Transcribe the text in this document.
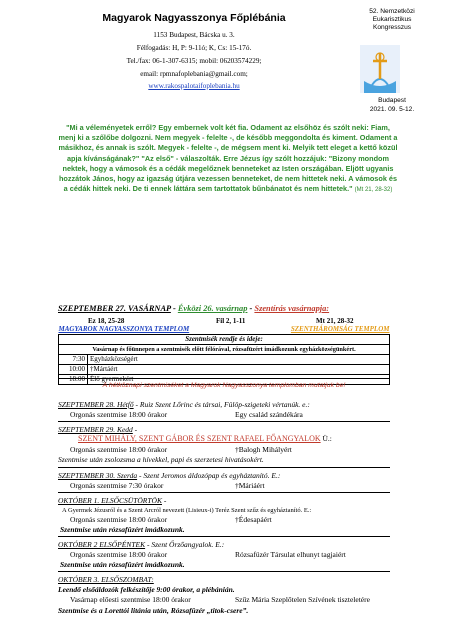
Magyarok Nagyasszonya Főplébánia
1153 Budapest, Bácska u. 3.
Félfogadás: H, P: 9-11ó; K, Cs: 15-17ó.
Tel./fax: 06-1-307-6315; mobil: 06203574229;
email: rpmnafoplebania@gmail.com;
www.rakospalotaifoplebania.hu
52. Nemzetközi
Eukarisztikus
Kongresszus
Budapest
2021. 09. 5-12.
"Mi a véleményetek erről? Egy embernek volt két fia. Odament az elsőhöz és szólt neki: Fiam, menj ki a szőlőbe dolgozni. Nem megyek - felelte -, de később meggondolta és kiment. Odament a másikhoz, és annak is szólt. Megyek - felelte -, de mégsem ment ki. Melyik tett eleget a kettő közül apja kívánságának?" "Az első" - válaszolták. Erre Jézus így szólt hozzájuk: "Bizony mondom nektek, hogy a vámosok és a cédák megelőznek benneteket az Isten országában. Eljött ugyanis hozzátok János, hogy az igazság útjára vezessen benneteket, de nem hittetek neki. A vámosok és a cédák hittek neki. De ti ennek láttára sem tartottatok bűnbánatot és nem hittetek." (Mt 21, 28-32)
SZEPTEMBER 27. VASÁRNAP - Évközi 26. vasárnap - Szentírás vasárnapja:
Ez 18, 25-28	Fil 2, 1-11	Mt 21, 28-32
MAGYAROK NAGYASSZONYA TEMPLOM SZENTHÁROMSÁG TEMPLOM	

Szentmisék rendje és ideje:	
Vasárnap és főünnepen a szentmisék előtt félórával, rózsafüzért imádkozunk egyházközségünkért.	
7:30	Egyházközségért
10:00	†Mártáért
18:00	Élő gyermekért
A hétköznapi szentmiséket a Magyarok Nagyasszonya templomban mutatjuk be!
SZEPTEMBER 28. Hétfő - Ruiz Szent Lőrinc és társai, Fülöp-szigeteki vértanúk. e.:
Orgonás szentmise 18:00 órakor	Egy család szándékára
SZEPTEMBER 29. Kedd -
SZENT MIHÁLY, SZENT GÁBOR ÉS SZENT RAFAEL FŐANGYALOK Ü.:
Orgonás szentmise 18:00 órakor	†Balogh Mihályért
Szentmise után zsolozsma a hívekkel, papi és szerzetesi hivatásokért.
SZEPTEMBER 30. Szerda - Szent Jeromos áldozópap és egyháztanító. E.:
Orgonás szentmise 7:30 órakor	†Máriáért
OKTÓBER 1. ELSŐCSÜTÖRTÖK -
A Gyermek Jézusról és a Szent Arcról nevezett (Lisieux-i) Teréz Szent szűz és egyháztanító. E.:
Orgonás szentmise 18:00 órakor	†Édesapáért
Szentmise után rózsafüzért imádkozunk.
OKTÓBER 2 ELSŐPÉNTEK - Szent Őrzőangyalok. E.:
Orgonás szentmise 18:00 órakor	Rózsafüzér Társulat elhunyt tagjaiért
Szentmise után rózsafüzért imádkozunk.
OKTÓBER 3. ELSŐSZOMBAT:
Leendő elsőáldozók felkészítője 9:00 órakor, a plébánián.
Vasárnap előesti szentmise 18:00 órakor	Szűz Mária Szeplőtelen Szívének tiszteletére
Szentmise és a Lorettói litánia után, Rózsafüzér „titok-csere”.
